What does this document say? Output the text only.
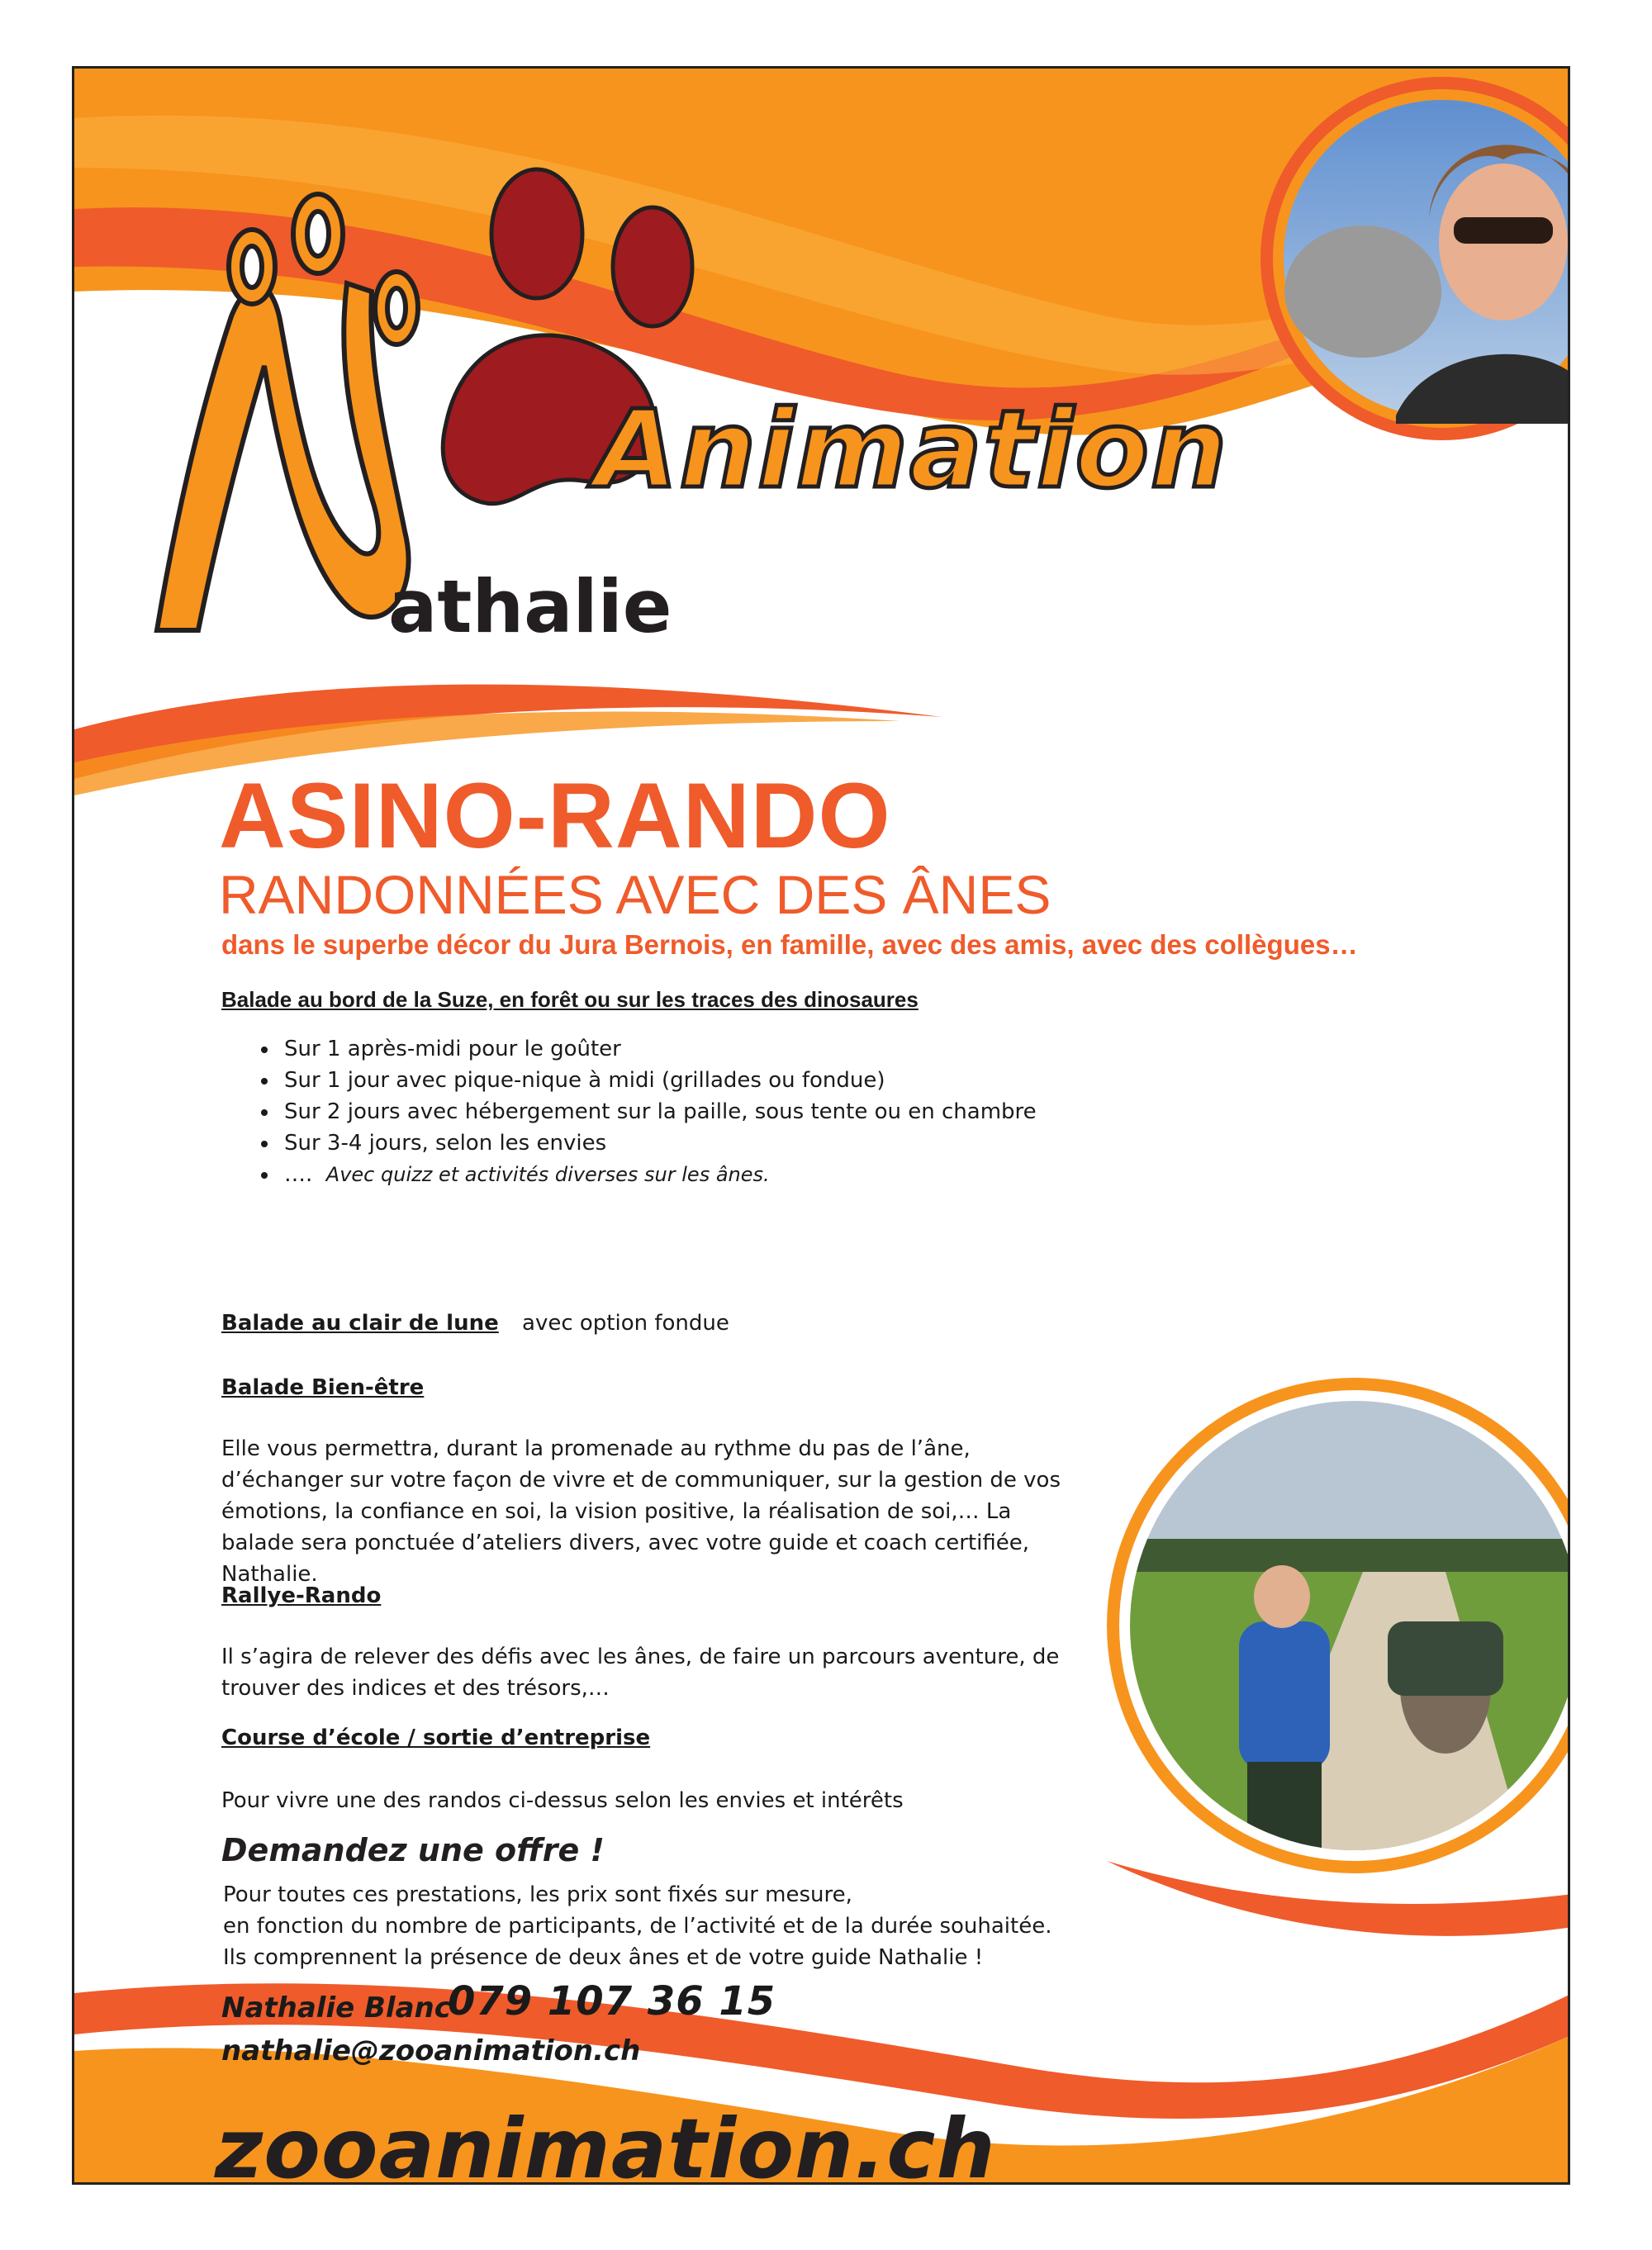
Animation
athalie
ASINO-RANDO
RANDONNÉES AVEC DES ÂNES
dans le superbe décor du Jura Bernois, en famille, avec des amis, avec des collègues…
Balade au bord de la Suze, en forêt ou sur les traces des dinosaures
• Sur 1 après-midi pour le goûter
• Sur 1 jour avec pique-nique à midi (grillades ou fondue)
• Sur 2 jours avec hébergement sur la paille, sous tente ou en chambre
• Sur 3-4 jours, selon les envies
• …. Avec quizz et activités diverses sur les ânes.
Balade au clair de lune avec option fondue
Balade Bien-être
Elle vous permettra, durant la promenade au rythme du pas de l’âne, d’échanger sur votre façon de vivre et de communiquer, sur la gestion de vos émotions, la confiance en soi, la vision positive, la réalisation de soi,… La balade sera ponctuée d’ateliers divers, avec votre guide et coach certifiée, Nathalie.
Rallye-Rando
Il s’agira de relever des défis avec les ânes, de faire un parcours aventure, de trouver des indices et des trésors,…
Course d’école / sortie d’entreprise
Pour vivre une des randos ci-dessus selon les envies et intérêts
Demandez une offre !
Pour toutes ces prestations, les prix sont fixés sur mesure,
en fonction du nombre de participants, de l’activité et de la durée souhaitée.
Ils comprennent la présence de deux ânes et de votre guide Nathalie !
Nathalie Blanc
079 107 36 15
nathalie@zooanimation.ch
zooanimation.ch
